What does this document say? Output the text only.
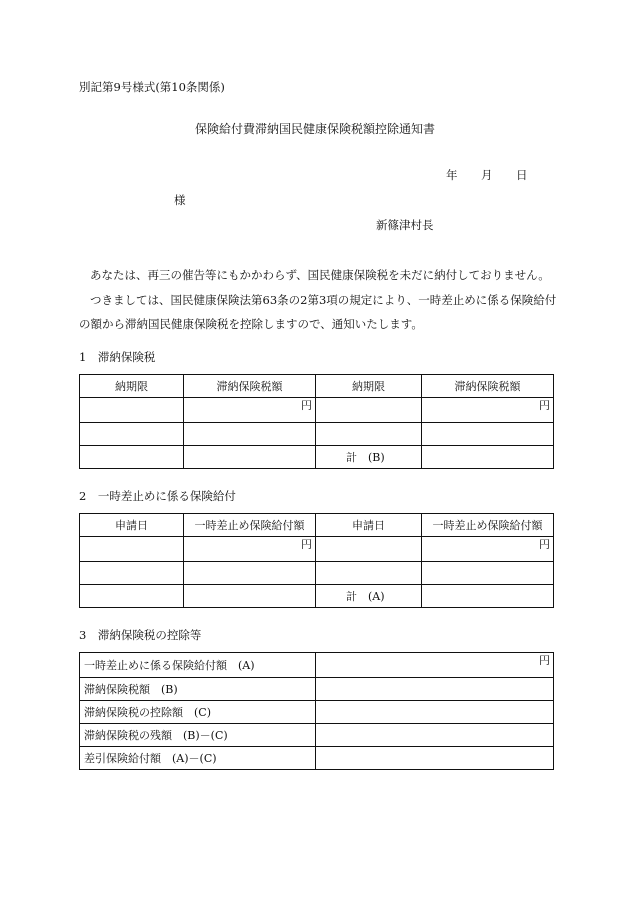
別記第9号様式(第10条関係)
保険給付費滞納国民健康保険税額控除通知書
年 月 日
様
新篠津村長
あなたは、再三の催告等にもかかわらず、国民健康保険税を未だに納付しておりません。
つきましては、国民健康保険法第63条の2第3項の規定により、一時差止めに係る保険給付の額から滞納国民健康保険税を控除しますので、通知いたします。
1　滞納保険税
納期限	滞納保険税額	納期限	滞納保険税額
	円		円

		計　(B)	
2　一時差止めに係る保険給付
申請日	一時差止め保険給付額	申請日	一時差止め保険給付額
	円		円

		計　(A)	
3　滞納保険税の控除等
一時差止めに係る保険給付額　(A)	円
滞納保険税額　(B)	
滞納保険税の控除額　(C)	
滞納保険税の残額　(B)－(C)	
差引保険給付額　(A)－(C)	
